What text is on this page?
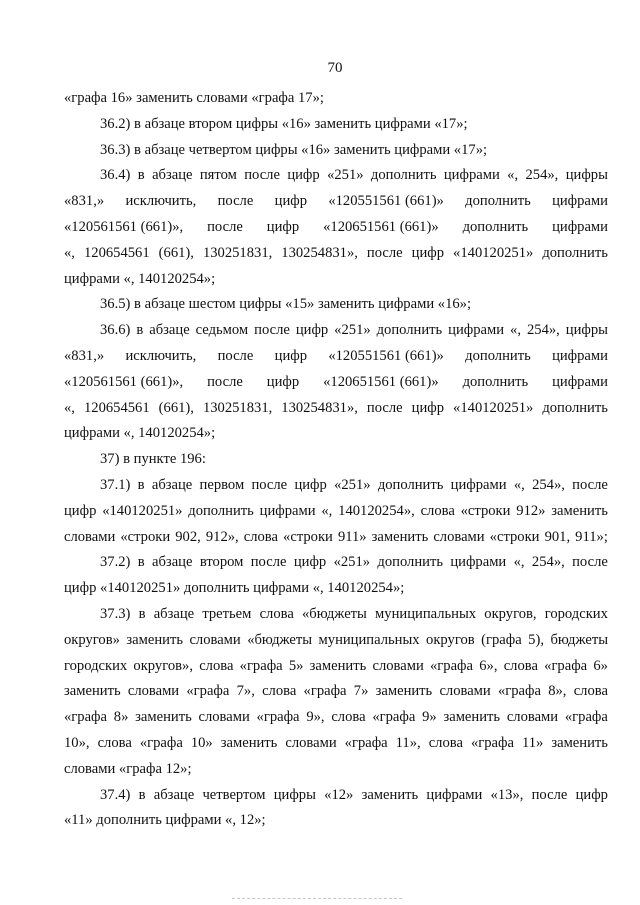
70
«графа 16» заменить словами «графа 17»;
36.2) в абзаце втором цифры «16» заменить цифрами «17»;
36.3) в абзаце четвертом цифры «16» заменить цифрами «17»;
36.4) в абзаце пятом после цифр «251» дополнить цифрами «, 254», цифры
«831,» исключить, после цифр «120551561 (661)» дополнить цифрами
«120561561 (661)», после цифр «120651561 (661)» дополнить цифрами
«, 120654561 (661), 130251831, 130254831», после цифр «140120251» дополнить
цифрами «, 140120254»;
36.5) в абзаце шестом цифры «15» заменить цифрами «16»;
36.6) в абзаце седьмом после цифр «251» дополнить цифрами «, 254», цифры
«831,» исключить, после цифр «120551561 (661)» дополнить цифрами
«120561561 (661)», после цифр «120651561 (661)» дополнить цифрами
«, 120654561 (661), 130251831, 130254831», после цифр «140120251» дополнить
цифрами «, 140120254»;
37) в пункте 196:
37.1) в абзаце первом после цифр «251» дополнить цифрами «, 254», после
цифр «140120251» дополнить цифрами «, 140120254», слова «строки 912» заменить
словами «строки 902, 912», слова «строки 911» заменить словами «строки 901, 911»;
37.2) в абзаце втором после цифр «251» дополнить цифрами «, 254», после
цифр «140120251» дополнить цифрами «, 140120254»;
37.3) в абзаце третьем слова «бюджеты муниципальных округов, городских
округов» заменить словами «бюджеты муниципальных округов (графа 5), бюджеты
городских округов», слова «графа 5» заменить словами «графа 6», слова «графа 6»
заменить словами «графа 7», слова «графа 7» заменить словами «графа 8», слова
«графа 8» заменить словами «графа 9», слова «графа 9» заменить словами «графа
10», слова «графа 10» заменить словами «графа 11», слова «графа 11» заменить
словами «графа 12»;
37.4) в абзаце четвертом цифры «12» заменить цифрами «13», после цифр
«11» дополнить цифрами «, 12»;
